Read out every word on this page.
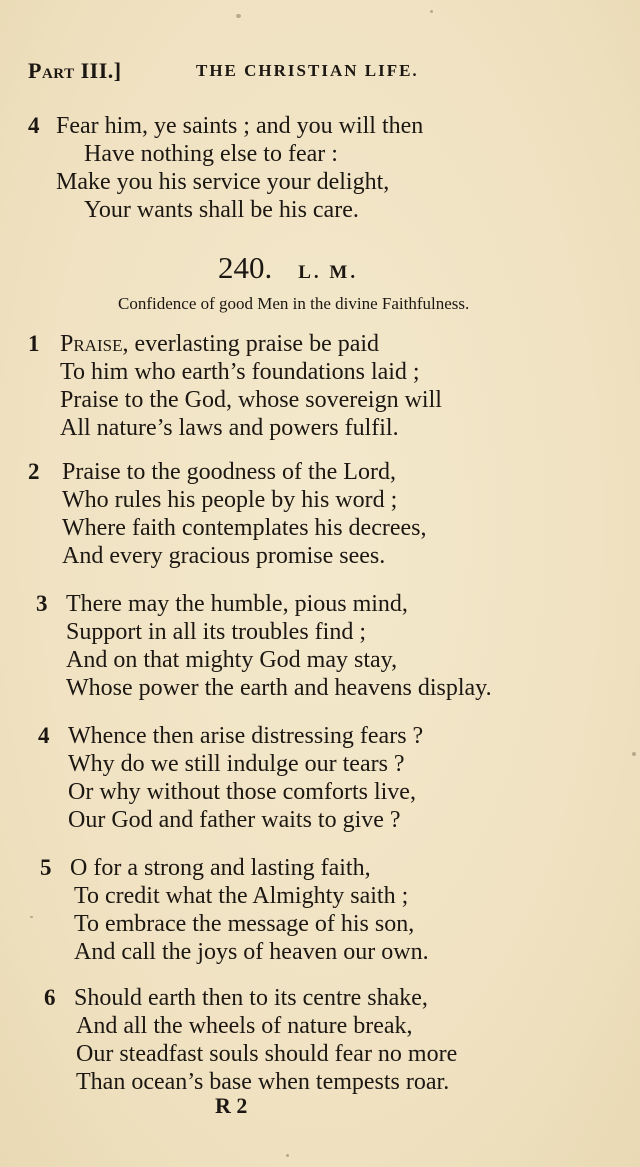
Part III.]	THE CHRISTIAN LIFE.
4 Fear him, ye saints ; and you will then
Have nothing else to fear :
Make you his service your delight,
Your wants shall be his care.
240. L. M.
Confidence of good Men in the divine Faithfulness.
1 Praise, everlasting praise be paid
To him who earth’s foundations laid ;
Praise to the God, whose sovereign will
All nature’s laws and powers fulfil.
2 Praise to the goodness of the Lord,
Who rules his people by his word ;
Where faith contemplates his decrees,
And every gracious promise sees.
3 There may the humble, pious mind,
Support in all its troubles find ;
And on that mighty God may stay,
Whose power the earth and heavens display.
4 Whence then arise distressing fears ?
Why do we still indulge our tears ?
Or why without those comforts live,
Our God and father waits to give ?
5 O for a strong and lasting faith,
To credit what the Almighty saith ;
To embrace the message of his son,
And call the joys of heaven our own.
6 Should earth then to its centre shake,
And all the wheels of nature break,
Our steadfast souls should fear no more
Than ocean’s base when tempests roar.
R 2
